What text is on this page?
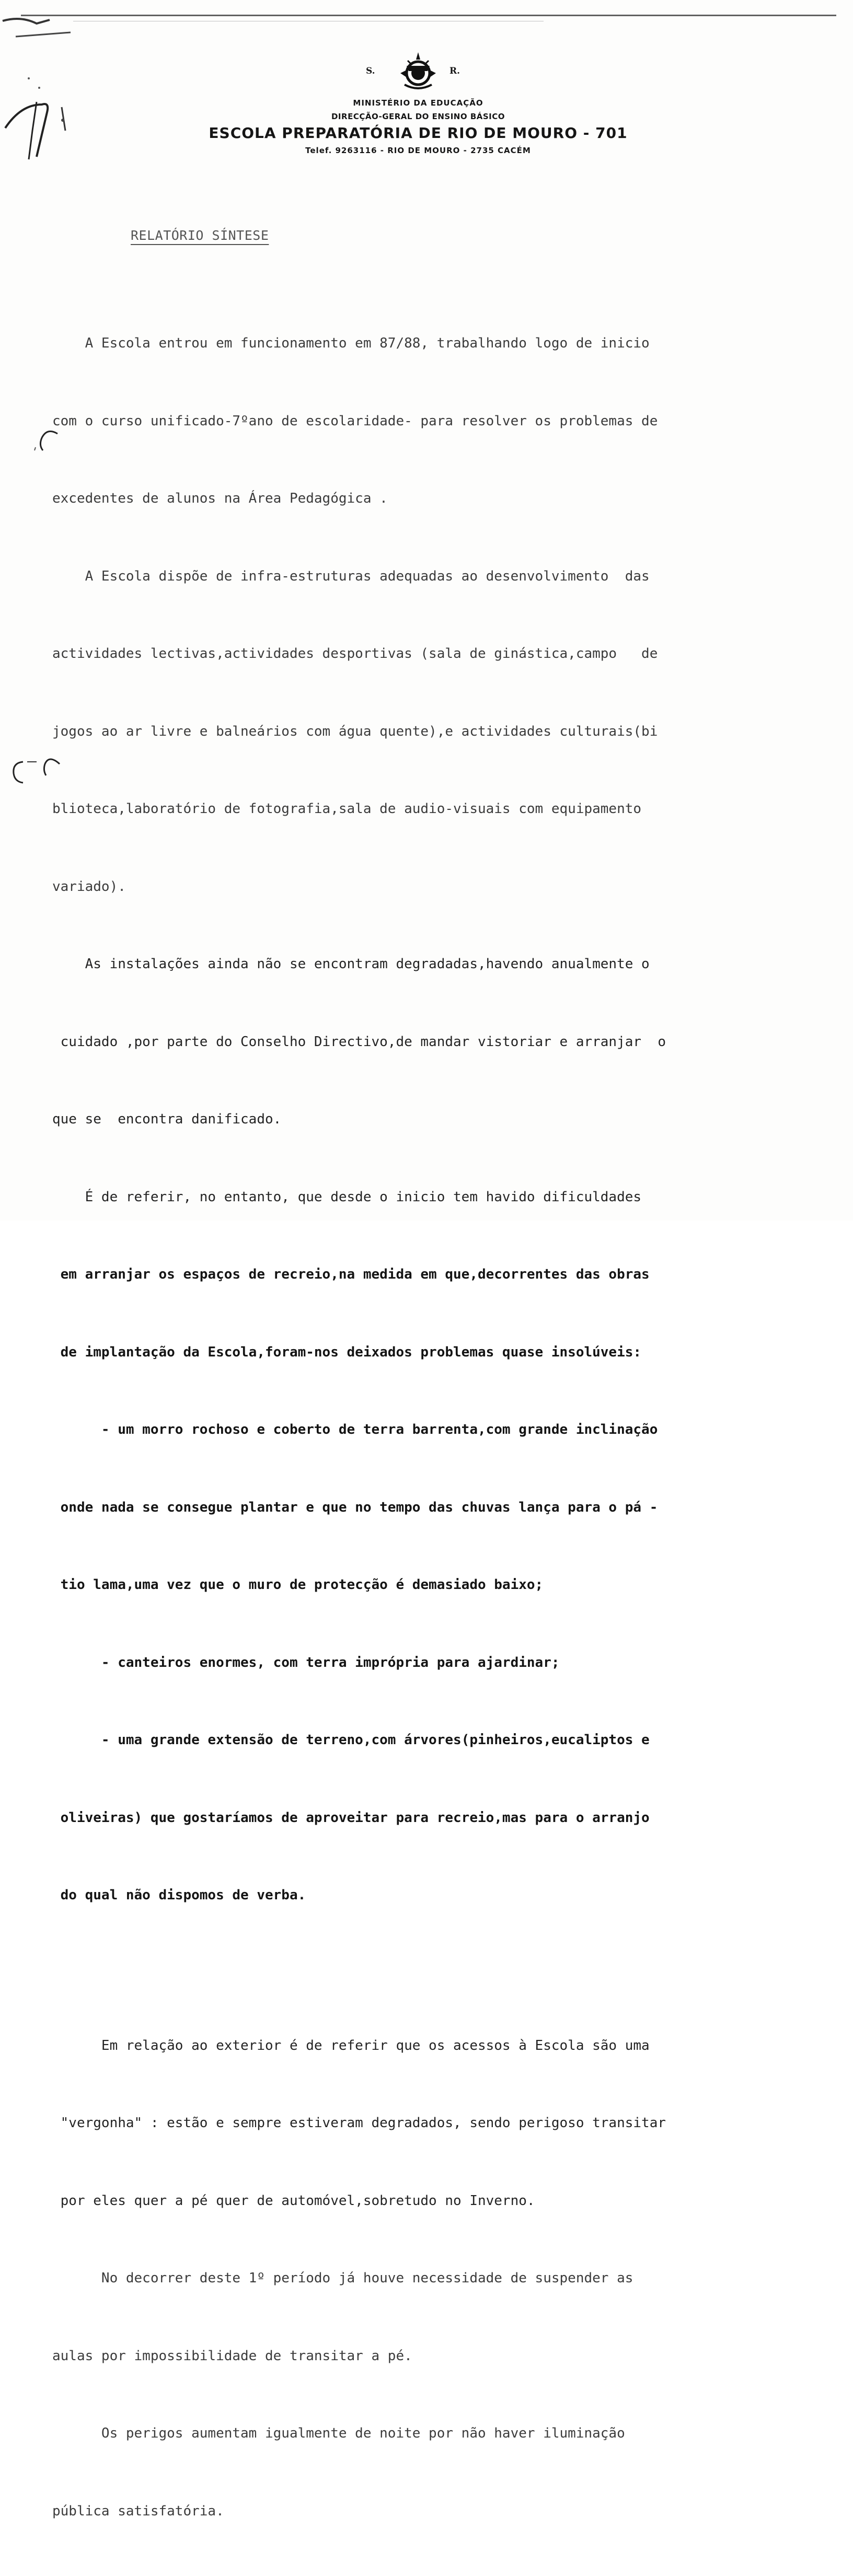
S.	R.
MINISTÉRIO DA EDUCAÇÃO
DIRECÇÃO-GERAL DO ENSINO BÁSICO
ESCOLA PREPARATÓRIA DE RIO DE MOURO - 701
Telef. 9263116 - RIO DE MOURO - 2735 CACÉM
RELATÓRIO SÍNTESE

A Escola entrou em funcionamento em 87/88, trabalhando logo de inicio

com o curso unificado-7ºano de escolaridade- para resolver os problemas de

excedentes de alunos na Área Pedagógica .

A Escola dispõe de infra-estruturas adequadas ao desenvolvimento  das

actividades lectivas,actividades desportivas (sala de ginástica,campo   de

jogos ao ar livre e balneários com água quente),e actividades culturais(bi

blioteca,laboratório de fotografia,sala de audio-visuais com equipamento

variado).

As instalações ainda não se encontram degradadas,havendo anualmente o

cuidado ,por parte do Conselho Directivo,de mandar vistoriar e arranjar  o

que se  encontra danificado.

É de referir, no entanto, que desde o inicio tem havido dificuldades

em arranjar os espaços de recreio,na medida em que,decorrentes das obras

de implantação da Escola,foram-nos deixados problemas quase insolúveis:

- um morro rochoso e coberto de terra barrenta,com grande inclinação

onde nada se consegue plantar e que no tempo das chuvas lança para o pá -

tio lama,uma vez que o muro de protecção é demasiado baixo;

- canteiros enormes, com terra imprópria para ajardinar;

- uma grande extensão de terreno,com árvores(pinheiros,eucaliptos e

oliveiras) que gostaríamos de aproveitar para recreio,mas para o arranjo

do qual não dispomos de verba.

Em relação ao exterior é de referir que os acessos à Escola são uma

"vergonha" : estão e sempre estiveram degradados, sendo perigoso transitar

por eles quer a pé quer de automóvel,sobretudo no Inverno.

No decorrer deste 1º período já houve necessidade de suspender as

aulas por impossibilidade de transitar a pé.

Os perigos aumentam igualmente de noite por não haver iluminação

pública satisfatória.
